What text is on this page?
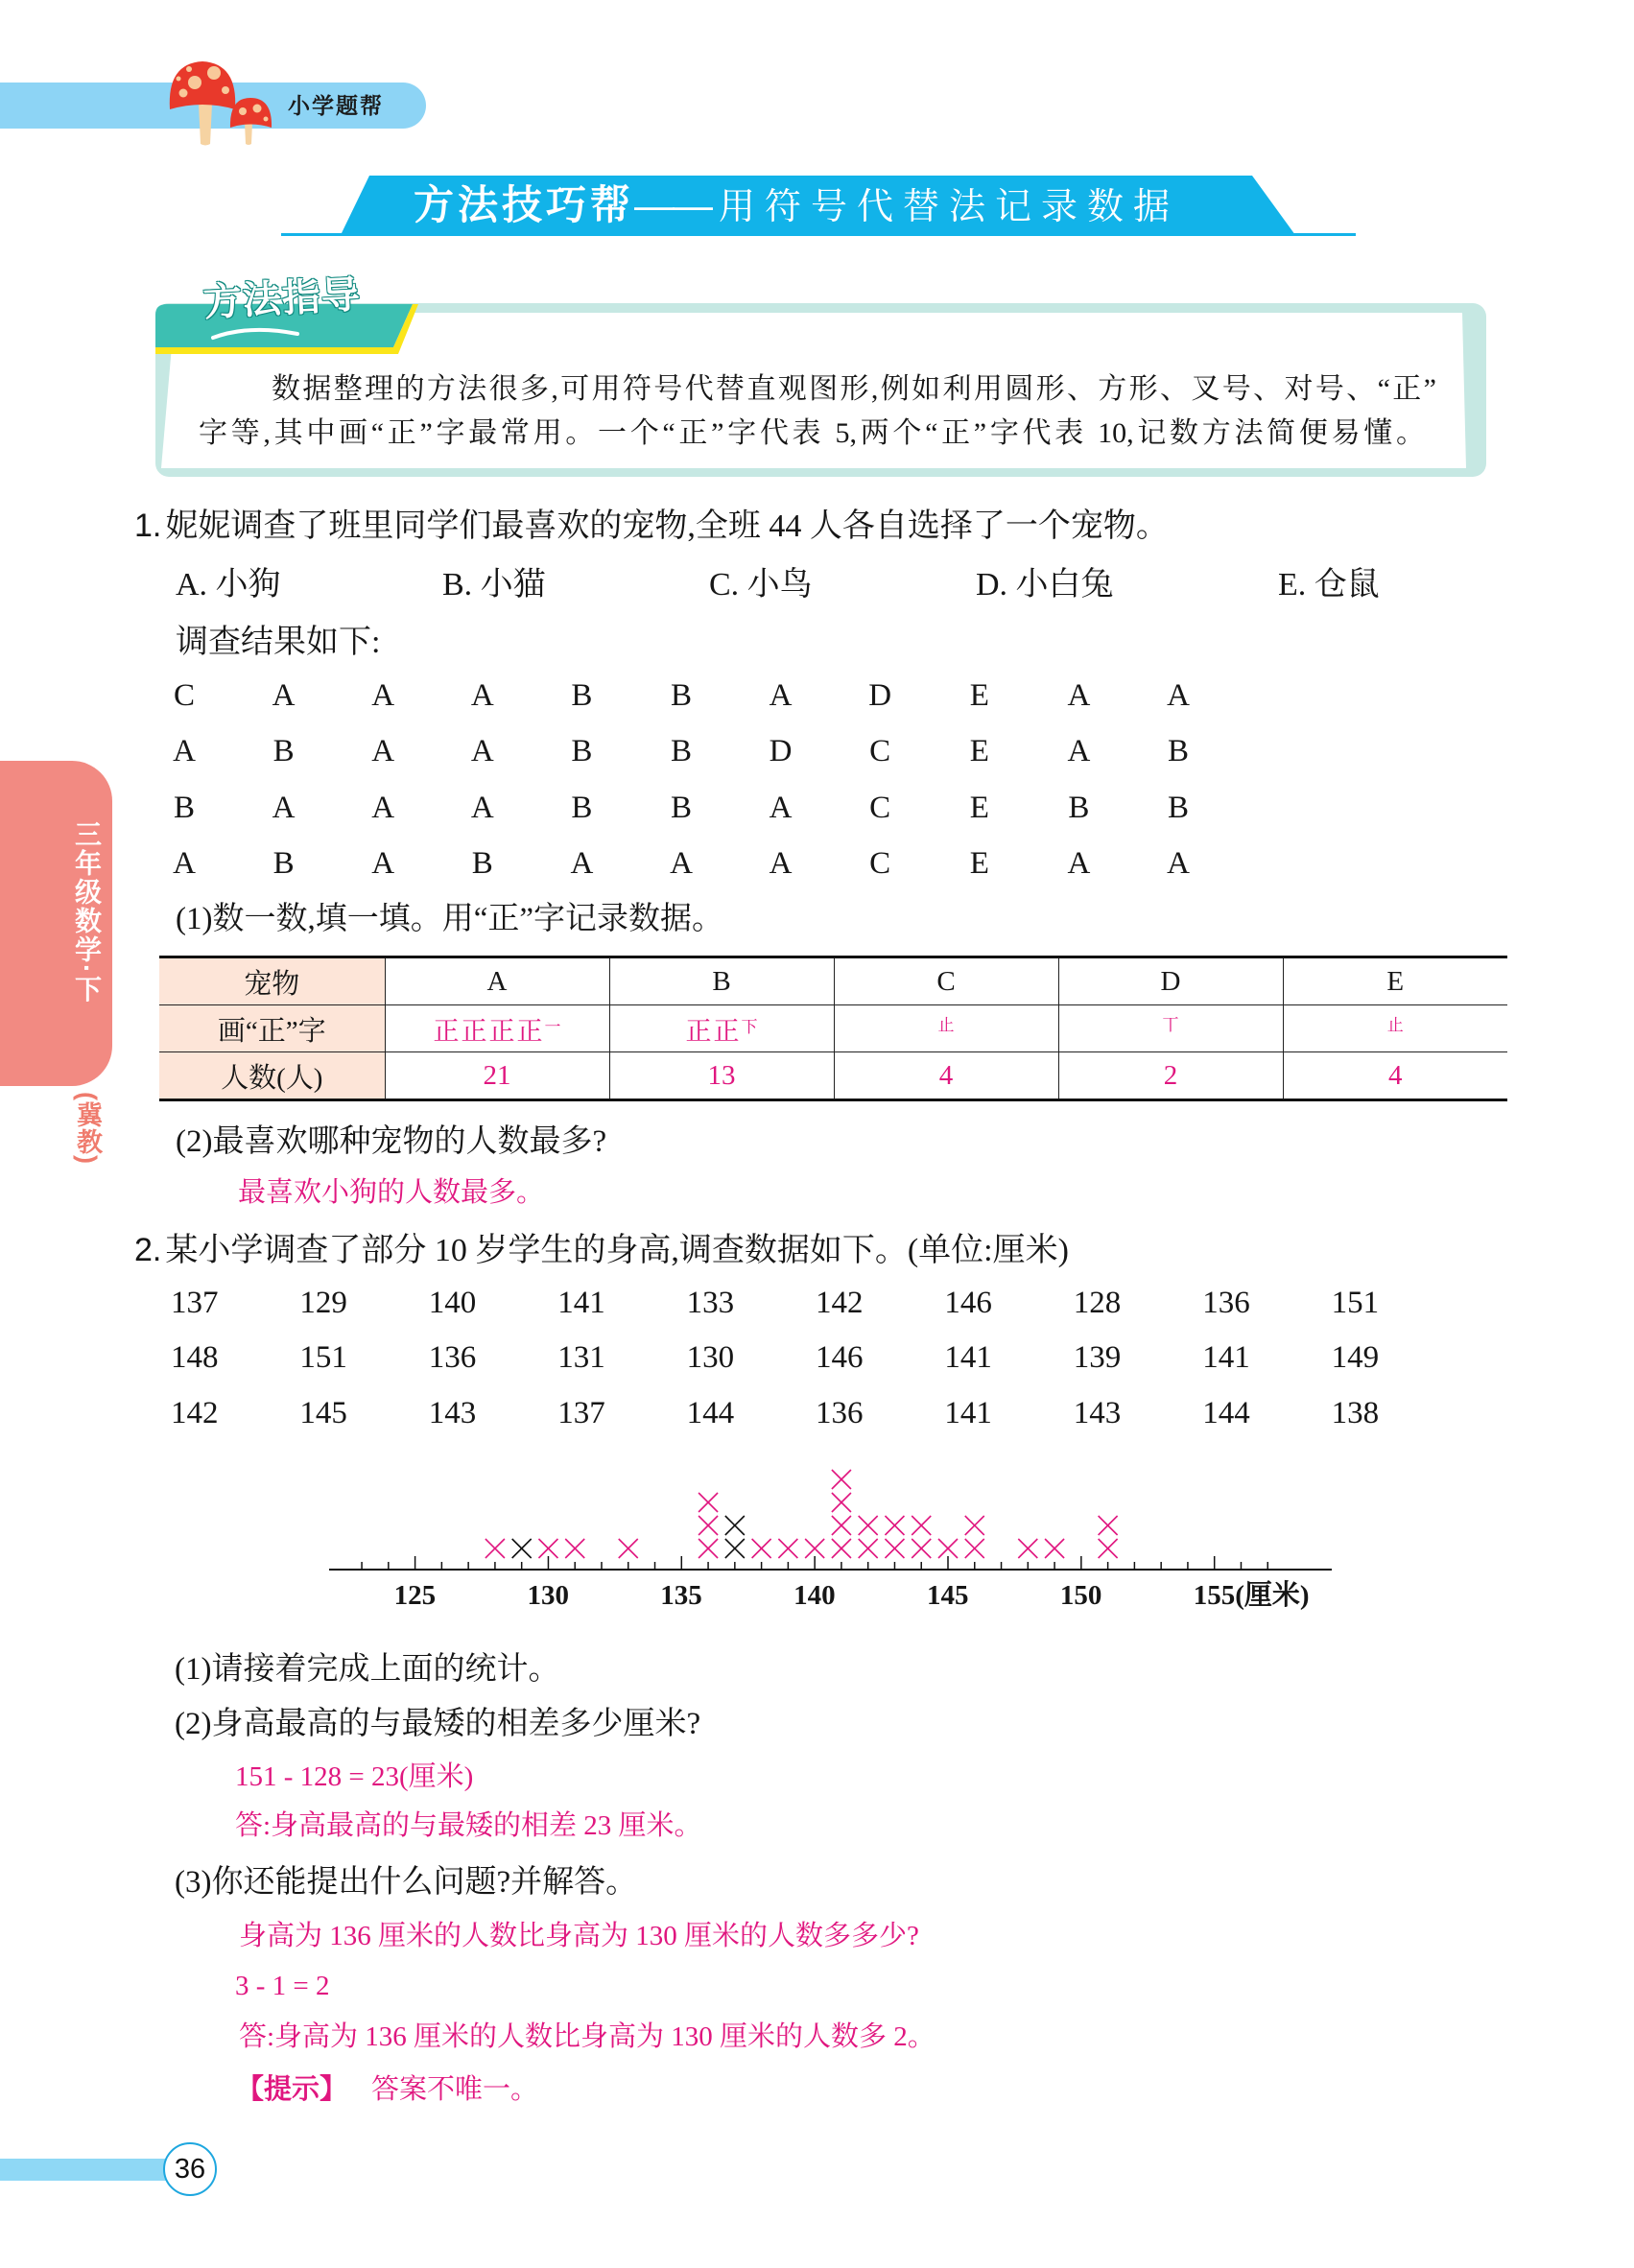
小学题帮
方法技巧帮—— 用符号代替法记录数据
方法指导
数据整理的方法很多,可用符号代替直观图形,例如利用圆形、方形、叉号、对号、“正”
字等,其中画“正”字最常用。一个“正”字代表 5,两个“正”字代表 10,记数方法简便易懂。
三年级数学·下
(冀教)
1. 妮妮调查了班里同学们最喜欢的宠物,全班 44 人各自选择了一个宠物。
A. 小狗	B. 小猫	C. 小鸟	D. 小白兔	E. 仓鼠
调查结果如下:
C A A A B B A D	E	A A
A B A A B B D C	E	A B
B A A A B B A C	E	B B
A B A B A A A C	E	A A
(1)数一数,填一填。用“正”字记录数据。
宠物	A	B	C	D	E
画“正”字	正正正正$^一$	正正$^下$	$^止$	$^丅$	$^止$
人数(人)	21	13	4	2	4
(2)最喜欢哪种宠物的人数最多?
最喜欢小狗的人数最多。
2. 某小学调查了部分 10 岁学生的身高,调查数据如下。(单位:厘米)
137	129	140	141	133	142	146	128	136	151
148	151	136	131	130	146	141	139	141	149
142	145	143	137	144	136	141	143	144	138
125	130	135	140	145	150	155(厘米)
(1)请接着完成上面的统计。
(2)身高最高的与最矮的相差多少厘米?
151 - 128 = 23(厘米)
答:身高最高的与最矮的相差 23 厘米。
(3)你还能提出什么问题?并解答。
身高为 136 厘米的人数比身高为 130 厘米的人数多多少?
3 - 1 = 2
答:身高为 136 厘米的人数比身高为 130 厘米的人数多 2。
【提示】 答案不唯一。
36
